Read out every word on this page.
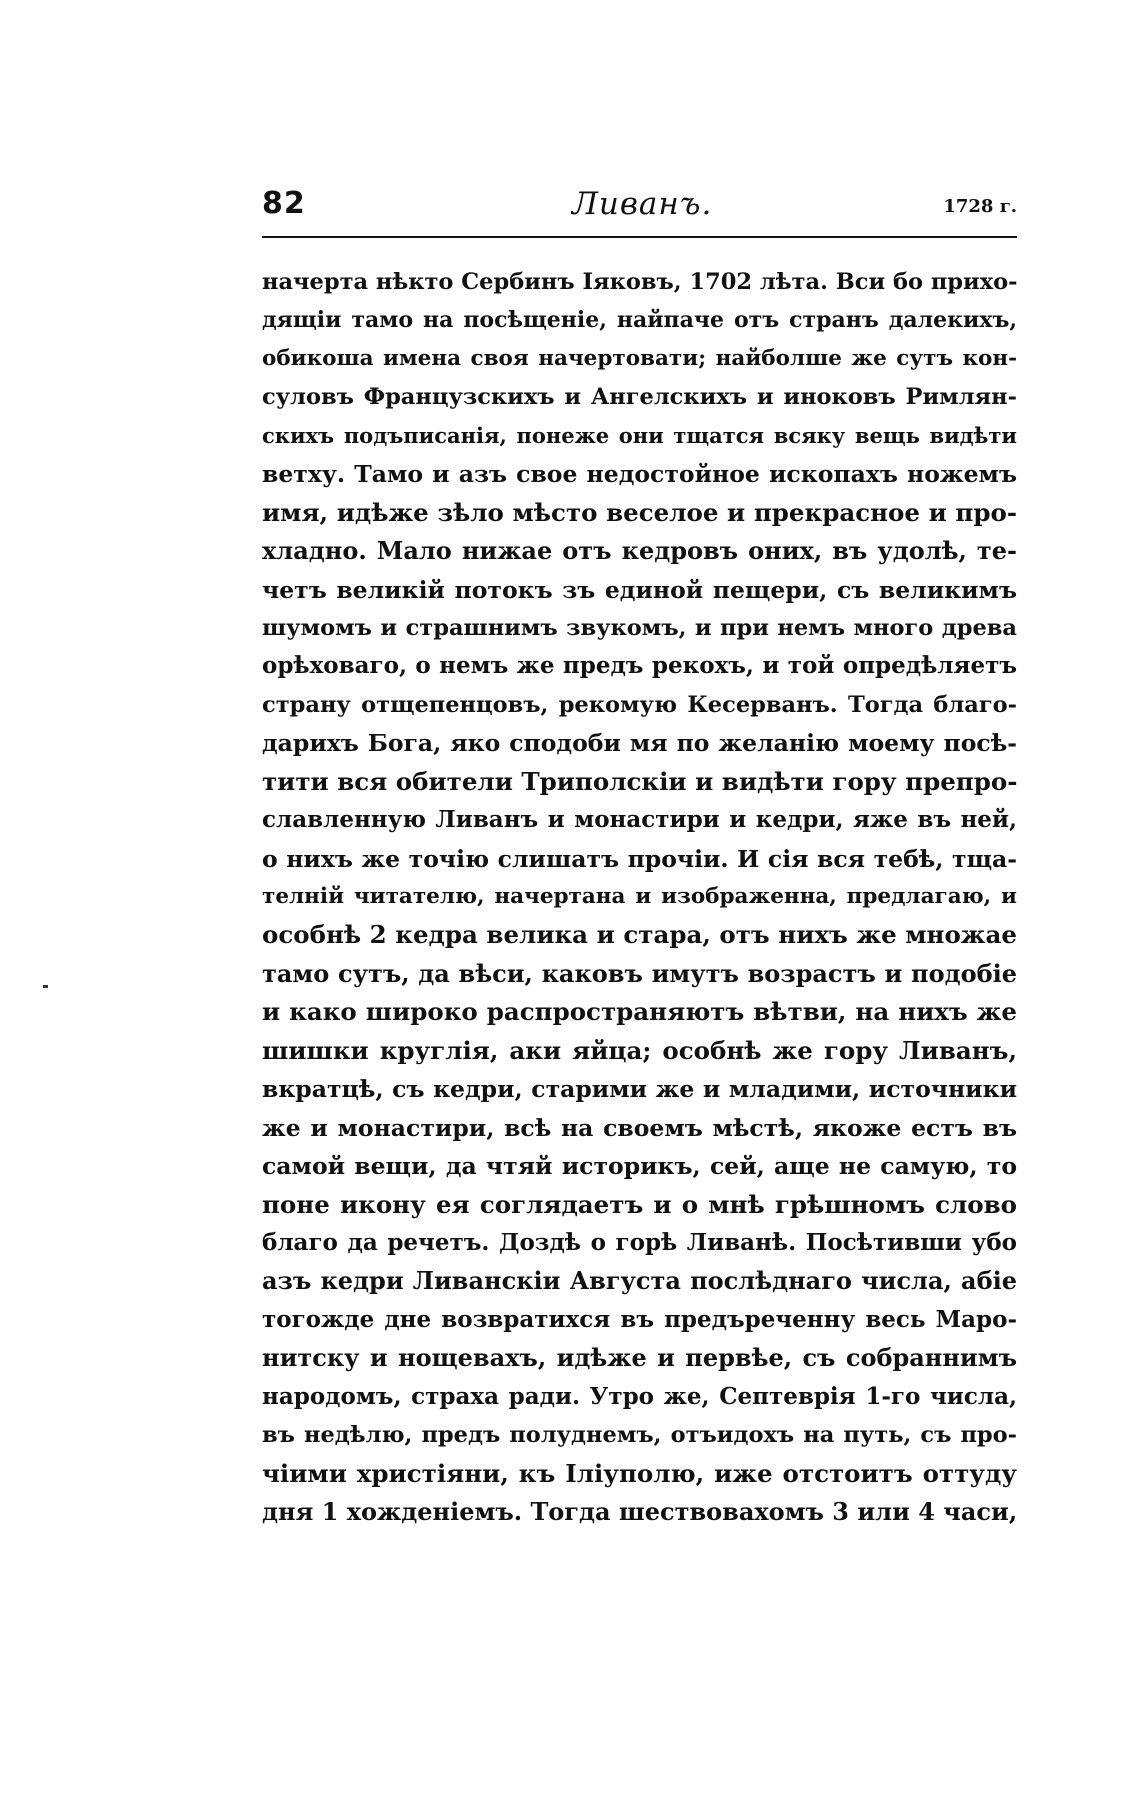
82	Ливанъ.	1728 г.
начерта нѣкто Сербинъ Іяковъ, 1702 лѣта. Вси бо прихо-
дящіи тамо на посѣщеніе, найпаче отъ странъ далекихъ,
обикоша имена своя начертовати; найболше же сутъ кон-
суловъ Французскихъ и Ангелскихъ и иноковъ Римлян-
скихъ подъписанія, понеже они тщатся всяку вещь видѣти
ветху. Тамо и азъ свое недостойное ископахъ ножемъ
имя, идѣже зѣло мѣсто веселое и прекрасное и про-
хладно. Мало нижае отъ кедровъ оних, въ удолѣ, те-
четъ великій потокъ зъ единой пещери, съ великимъ
шумомъ и страшнимъ звукомъ, и при немъ много древа
орѣховаго, о немъ же предъ рекохъ, и той опредѣляетъ
страну отщепенцовъ, рекомую Кесерванъ. Тогда благо-
дарихъ Бога, яко сподоби мя по желанію моему посѣ-
тити вся обители Триполскіи и видѣти гору препро-
славленную Ливанъ и монастири и кедри, яже въ ней,
о нихъ же точію слишатъ прочіи. И сія вся тебѣ, тща-
телній читателю, начертана и изображенна, предлагаю, и
особнѣ 2 кедра велика и стара, отъ нихъ же множае
тамо сутъ, да вѣси, каковъ имутъ возрастъ и подобіе
и како широко распространяютъ вѣтви, на нихъ же
шишки круглія, аки яйца; особнѣ же гору Ливанъ,
вкратцѣ, съ кедри, старими же и младими, источники
же и монастири, всѣ на своемъ мѣстѣ, якоже естъ въ
самой вещи, да чтяй историкъ, сей, аще не самую, то
поне икону ея соглядаетъ и о мнѣ грѣшномъ слово
благо да речетъ. Доздѣ о горѣ Ливанѣ. Посѣтивши убо
азъ кедри Ливанскіи Августа послѣднаго числа, абіе
тогожде дне возвратихся въ предъреченну весь Маро-
нитску и нощевахъ, идѣже и первѣе, съ собраннимъ
народомъ, страха ради. Утро же, Септеврія 1-го числа,
въ недѣлю, предъ полуднемъ, отъидохъ на путь, съ про-
чіими христіяни, къ Іліуполю, иже отстоитъ оттуду
дня 1 хожденіемъ. Тогда шествовахомъ 3 или 4 часи,
